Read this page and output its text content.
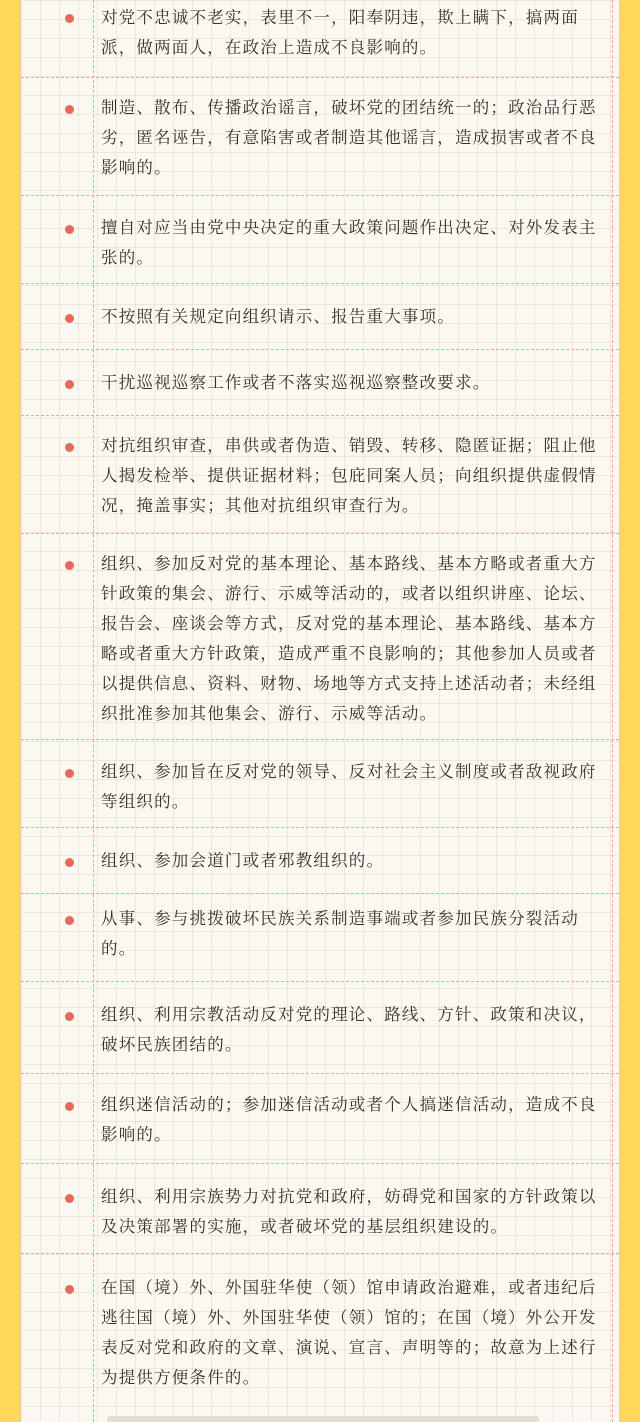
对党不忠诚不老实，表里不一，阳奉阴违，欺上瞒下，搞两面派，做两面人，在政治上造成不良影响的。
制造、散布、传播政治谣言，破坏党的团结统一的；政治品行恶劣，匿名诬告，有意陷害或者制造其他谣言，造成损害或者不良影响的。
擅自对应当由党中央决定的重大政策问题作出决定、对外发表主张的。
不按照有关规定向组织请示、报告重大事项。
干扰巡视巡察工作或者不落实巡视巡察整改要求。
对抗组织审查，串供或者伪造、销毁、转移、隐匿证据；阻止他人揭发检举、提供证据材料；包庇同案人员；向组织提供虚假情况，掩盖事实；其他对抗组织审查行为。
组织、参加反对党的基本理论、基本路线、基本方略或者重大方针政策的集会、游行、示威等活动的，或者以组织讲座、论坛、报告会、座谈会等方式，反对党的基本理论、基本路线、基本方略或者重大方针政策，造成严重不良影响的；其他参加人员或者以提供信息、资料、财物、场地等方式支持上述活动者；未经组织批准参加其他集会、游行、示威等活动。
组织、参加旨在反对党的领导、反对社会主义制度或者敌视政府等组织的。
组织、参加会道门或者邪教组织的。
从事、参与挑拨破坏民族关系制造事端或者参加民族分裂活动的。
组织、利用宗教活动反对党的理论、路线、方针、政策和决议，破坏民族团结的。
组织迷信活动的；参加迷信活动或者个人搞迷信活动，造成不良影响的。
组织、利用宗族势力对抗党和政府，妨碍党和国家的方针政策以及决策部署的实施，或者破坏党的基层组织建设的。
在国（境）外、外国驻华使（领）馆申请政治避难，或者违纪后逃往国（境）外、外国驻华使（领）馆的；在国（境）外公开发表反对党和政府的文章、演说、宣言、声明等的；故意为上述行为提供方便条件的。
